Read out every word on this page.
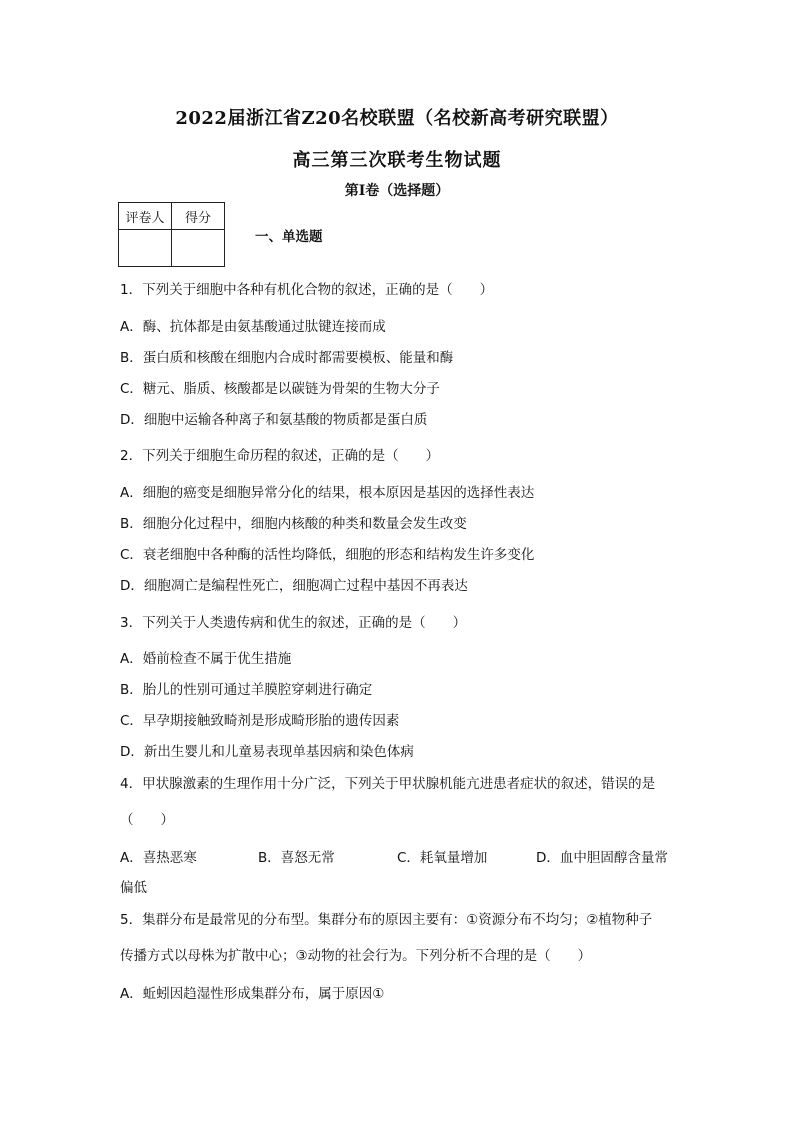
2022届浙江省Z20名校联盟（名校新高考研究联盟）
高三第三次联考生物试题
第I卷（选择题）
评卷人	得分

一、单选题
1．下列关于细胞中各种有机化合物的叙述，正确的是（　　）
A．酶、抗体都是由氨基酸通过肽键连接而成
B．蛋白质和核酸在细胞内合成时都需要模板、能量和酶
C．糖元、脂质、核酸都是以碳链为骨架的生物大分子
D．细胞中运输各种离子和氨基酸的物质都是蛋白质
2．下列关于细胞生命历程的叙述，正确的是（　　）
A．细胞的癌变是细胞异常分化的结果，根本原因是基因的选择性表达
B．细胞分化过程中，细胞内核酸的种类和数量会发生改变
C．衰老细胞中各种酶的活性均降低，细胞的形态和结构发生许多变化
D．细胞凋亡是编程性死亡，细胞凋亡过程中基因不再表达
3．下列关于人类遗传病和优生的叙述，正确的是（　　）
A．婚前检查不属于优生措施
B．胎儿的性别可通过羊膜腔穿刺进行确定
C．早孕期接触致畸剂是形成畸形胎的遗传因素
D．新出生婴儿和儿童易表现单基因病和染色体病
4．甲状腺激素的生理作用十分广泛，下列关于甲状腺机能亢进患者症状的叙述，错误的是
（　　）
A．喜热恶寒	B．喜怒无常	C．耗氧量增加	D．血中胆固醇含量常
偏低
5．集群分布是最常见的分布型。集群分布的原因主要有：①资源分布不均匀；②植物种子
传播方式以母株为扩散中心；③动物的社会行为。下列分析不合理的是（　　）
A．蚯蚓因趋湿性形成集群分布，属于原因①
